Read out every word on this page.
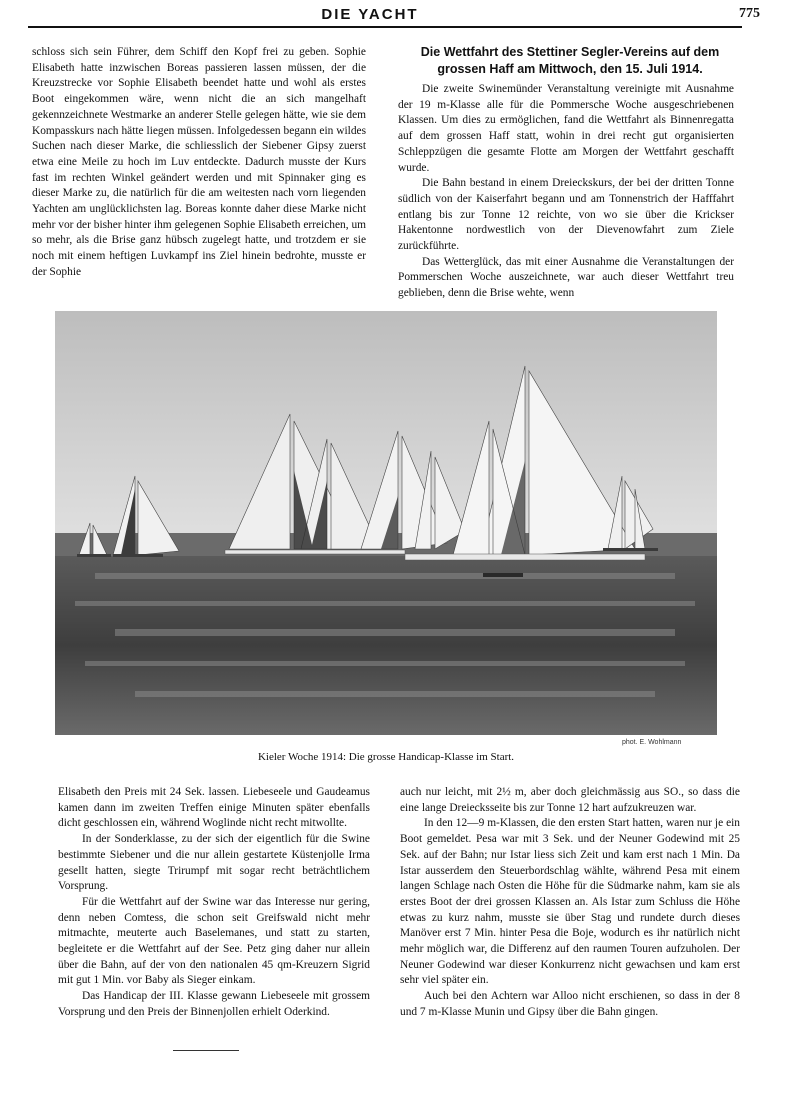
DIE YACHT	775

schloss sich sein Führer, dem Schiff den Kopf frei zu geben. Sophie Elisabeth hatte inzwischen Boreas passieren lassen müssen, der die Kreuzstrecke vor Sophie Elisabeth beendet hatte und wohl als erstes Boot eingekommen wäre, wenn nicht die an sich mangelhaft gekennzeichnete Westmarke an anderer Stelle gelegen hätte, wie sie dem Kompasskurs nach hätte liegen müssen. Infolgedessen begann ein wildes Suchen nach dieser Marke, die schliesslich der Siebener Gipsy zuerst etwa eine Meile zu hoch im Luv entdeckte. Dadurch musste der Kurs fast im rechten Winkel geändert werden und mit Spinnaker ging es dieser Marke zu, die natürlich für die am weitesten nach vorn liegenden Yachten am unglücklichsten lag. Boreas konnte daher diese Marke nicht mehr vor der bisher hinter ihm gelegenen Sophie Elisabeth erreichen, um so mehr, als die Brise ganz hübsch zugelegt hatte, und trotzdem er sie noch mit einem heftigen Luvkampf ins Ziel hinein bedrohte, musste er der Sophie

Die Wettfahrt des Stettiner Segler-Vereins auf dem grossen Haff am Mittwoch, den 15. Juli 1914.

Die zweite Swinemünder Veranstaltung vereinigte mit Ausnahme der 19 m-Klasse alle für die Pommersche Woche ausgeschriebenen Klassen. Um dies zu ermöglichen, fand die Wettfahrt als Binnenregatta auf dem grossen Haff statt, wohin in drei recht gut organisierten Schleppzügen die gesamte Flotte am Morgen der Wettfahrt geschafft wurde.

Die Bahn bestand in einem Dreieckskurs, der bei der dritten Tonne südlich von der Kaiserfahrt begann und am Tonnenstrich der Hafffahrt entlang bis zur Tonne 12 reichte, von wo sie über die Krickser Hakentonne nordwestlich von der Dievenowfahrt zum Ziele zurückführte.

Das Wetterglück, das mit einer Ausnahme die Veranstaltungen der Pommerschen Woche auszeichnete, war auch dieser Wettfahrt treu geblieben, denn die Brise wehte, wenn

phot. E. Wohlmann
Kieler Woche 1914: Die grosse Handicap-Klasse im Start.

Elisabeth den Preis mit 24 Sek. lassen. Liebeseele und Gaudeamus kamen dann im zweiten Treffen einige Minuten später ebenfalls dicht geschlossen ein, während Woglinde nicht recht mitwollte.

In der Sonderklasse, zu der sich der eigentlich für die Swine bestimmte Siebener und die nur allein gestartete Küstenjolle Irma gesellt hatten, siegte Trirumpf mit sogar recht beträchtlichem Vorsprung.

Für die Wettfahrt auf der Swine war das Interesse nur gering, denn neben Comtess, die schon seit Greifswald nicht mehr mitmachte, meuterte auch Baselemanes, und statt zu starten, begleitete er die Wettfahrt auf der See. Petz ging daher nur allein über die Bahn, auf der von den nationalen 45 qm-Kreuzern Sigrid mit gut 1 Min. vor Baby als Sieger einkam.

Das Handicap der III. Klasse gewann Liebeseele mit grossem Vorsprung und den Preis der Binnenjollen erhielt Oderkind.

auch nur leicht, mit 2½ m, aber doch gleichmässig aus SO., so dass die eine lange Dreiecksseite bis zur Tonne 12 hart aufzukreuzen war.

In den 12—9 m-Klassen, die den ersten Start hatten, waren nur je ein Boot gemeldet. Pesa war mit 3 Sek. und der Neuner Godewind mit 25 Sek. auf der Bahn; nur Istar liess sich Zeit und kam erst nach 1 Min. Da Istar ausserdem den Steuerbordschlag wählte, während Pesa mit einem langen Schlage nach Osten die Höhe für die Südmarke nahm, kam sie als erstes Boot der drei grossen Klassen an. Als Istar zum Schluss die Höhe etwas zu kurz nahm, musste sie über Stag und rundete durch dieses Manöver erst 7 Min. hinter Pesa die Boje, wodurch es ihr natürlich nicht mehr möglich war, die Differenz auf den raumen Touren aufzuholen. Der Neuner Godewind war dieser Konkurrenz nicht gewachsen und kam erst sehr viel später ein.

Auch bei den Achtern war Alloo nicht erschienen, so dass in der 8 und 7 m-Klasse Munin und Gipsy über die Bahn gingen.
